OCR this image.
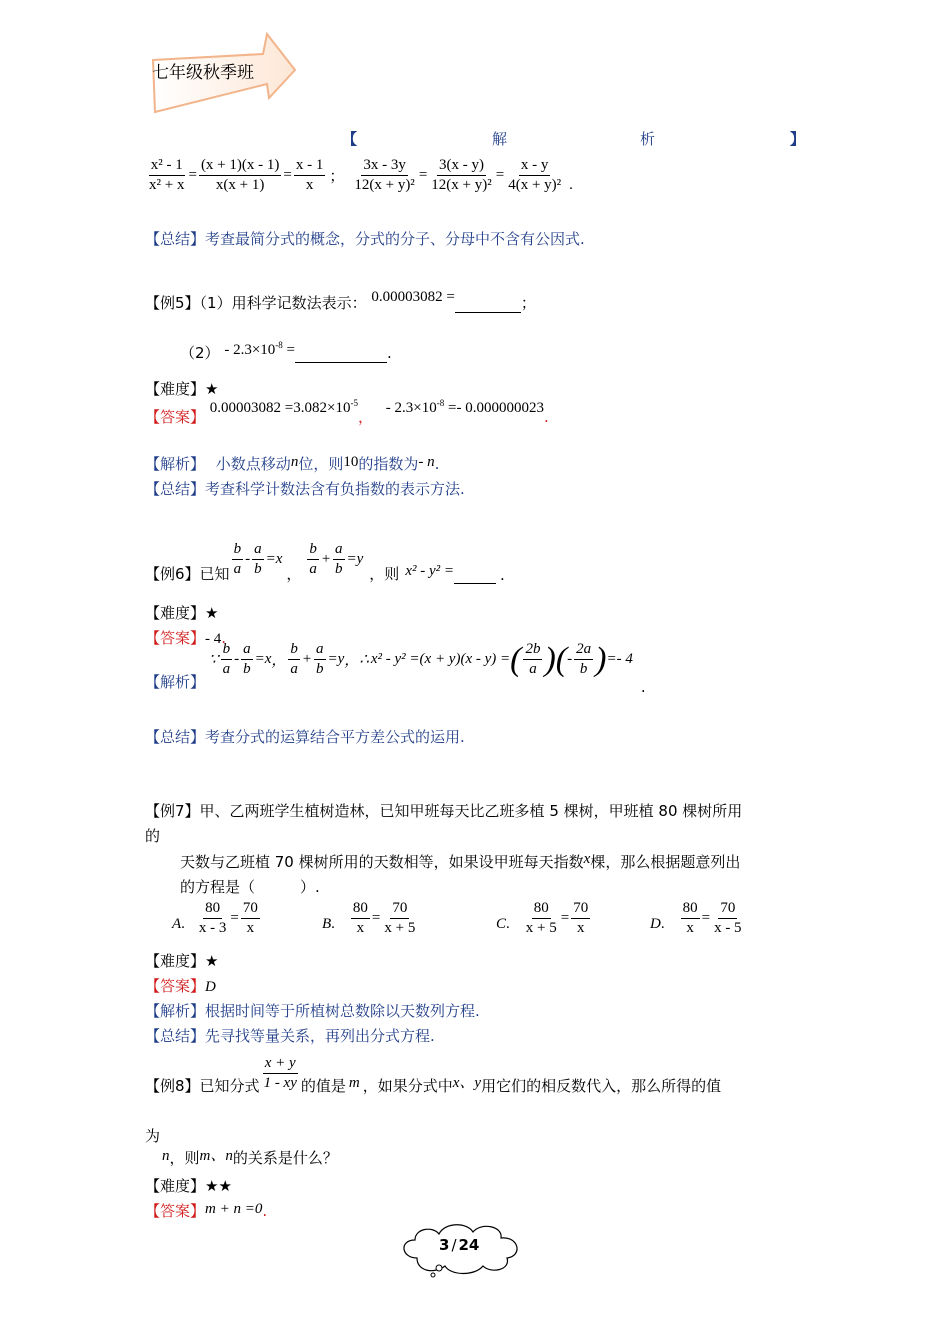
七年级秋季班
【	解	析	】
$\frac{\text{x² - 1}}{\text{x² + x}} = \frac{(x + 1)(x - 1)}{x(x + 1)} = \frac{x - 1}{x}$ ； $\frac{3x - 3y}{\text{12(x + y)²}} = \frac{3(x - y)}{\text{12(x + y)²}} = \frac{x - y}{\text{4(x + y)²}}$ .
【总结】考查最简分式的概念，分式的分子、分母中不含有公因式.
【例5】（1）用科学记数法表示： 0.00003082 =	；
$(2) - 2.3\times 10^{-8}$ =	.
【难度】★
【答案】 $0.00003082 =3.082\times 10^{-5}$， - $2.3\times 10^{-8} =- 0.000000023$.
【解析】 小数点移动n位，则10的指数为- n.
【总结】考查科学计数法含有负指数的表示方法.
【例6】 已知 $\frac{b}{a} - \frac{a}{b} = x$
， $\frac{b}{a} + \frac{a}{b} = y$
，则 x² - y² =	.
【难度】★
【答案】- 4.
【解析】
∵ $\frac{b}{a} - \frac{a}{b} = x$ ， $\frac{b}{a} + \frac{a}{b} = y$ ， ∴ x² - y² =(x + y)(x - y) = ( $\frac{2b}{a}$ ) ( - $\frac{2a}{b}$ ) =- 4
.
【总结】考查分式的运算结合平方差公式的运用.
【例7】甲、乙两班学生植树造林，已知甲班每天比乙班多植 5 棵树，甲班植 80 棵树所用
的
天数与乙班植 70 棵树所用的天数相等，如果设甲班每天指数x棵，那么根据题意列出
的方程是（　　　）.
A . $\frac{80}{x - 3} = \frac{70}{x}$	B . $\frac{80}{x} = \frac{70}{x + 5}$	C . $\frac{80}{x + 5} = \frac{70}{x}$	D . $\frac{80}{x} = \frac{70}{x - 5}$
【难度】★
【答案】D
【解析】根据时间等于所植树总数除以天数列方程.
【总结】先寻找等量关系，再列出分式方程.
【例8】 已知分式 $\frac{x + y}{1 - xy}$ 的值是 m ，如果分式中 x、y 用它们的相反数代入，那么所得的值
为
n，则m、n的关系是什么？
【难度】★★
【答案】m + n =0.
3 / 24
